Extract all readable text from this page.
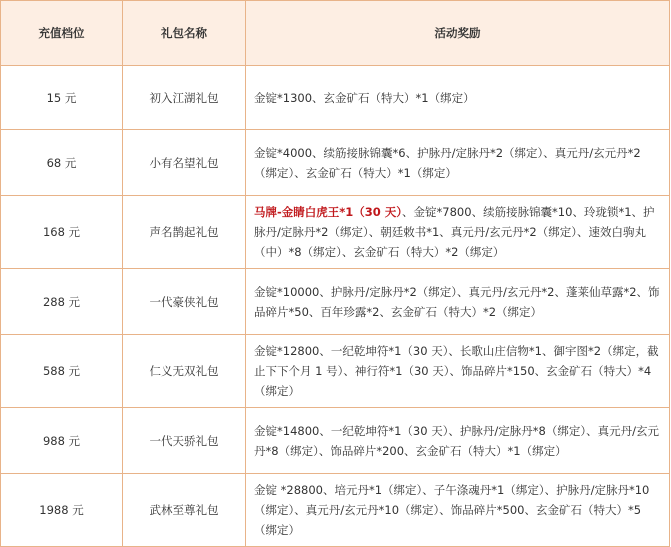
充值档位	礼包名称	活动奖励
15 元	初入江湖礼包	金锭*1300、玄金矿石（特大）*1（绑定）
68 元	小有名望礼包	金锭*4000、续筋接脉锦囊*6、护脉丹/定脉丹*2（绑定）、真元丹/玄元丹*2（绑定）、玄金矿石（特大）*1（绑定）
168 元	声名鹊起礼包	马牌-金睛白虎王*1（30 天）、金锭*7800、续筋接脉锦囊*10、玲珑锁*1、护脉丹/定脉丹*2（绑定）、朝廷敕书*1、真元丹/玄元丹*2（绑定）、速效白驹丸（中）*8（绑定）、玄金矿石（特大）*2（绑定）
288 元	一代豪侠礼包	金锭*10000、护脉丹/定脉丹*2（绑定）、真元丹/玄元丹*2、蓬莱仙草露*2、饰品碎片*50、百年珍露*2、玄金矿石（特大）*2（绑定）
588 元	仁义无双礼包	金锭*12800、一纪乾坤符*1（30 天）、长歌山庄信物*1、御宇图*2（绑定，截止下下个月 1 号）、神行符*1（30 天）、饰品碎片*150、玄金矿石（特大）*4（绑定）
988 元	一代天骄礼包	金锭*14800、一纪乾坤符*1（30 天）、护脉丹/定脉丹*8（绑定）、真元丹/玄元丹*8（绑定）、饰品碎片*200、玄金矿石（特大）*1（绑定）
1988 元	武林至尊礼包	金锭 *28800、培元丹*1（绑定）、子午涤魂丹*1（绑定）、护脉丹/定脉丹*10（绑定）、真元丹/玄元丹*10（绑定）、饰品碎片*500、玄金矿石（特大）*5（绑定）
